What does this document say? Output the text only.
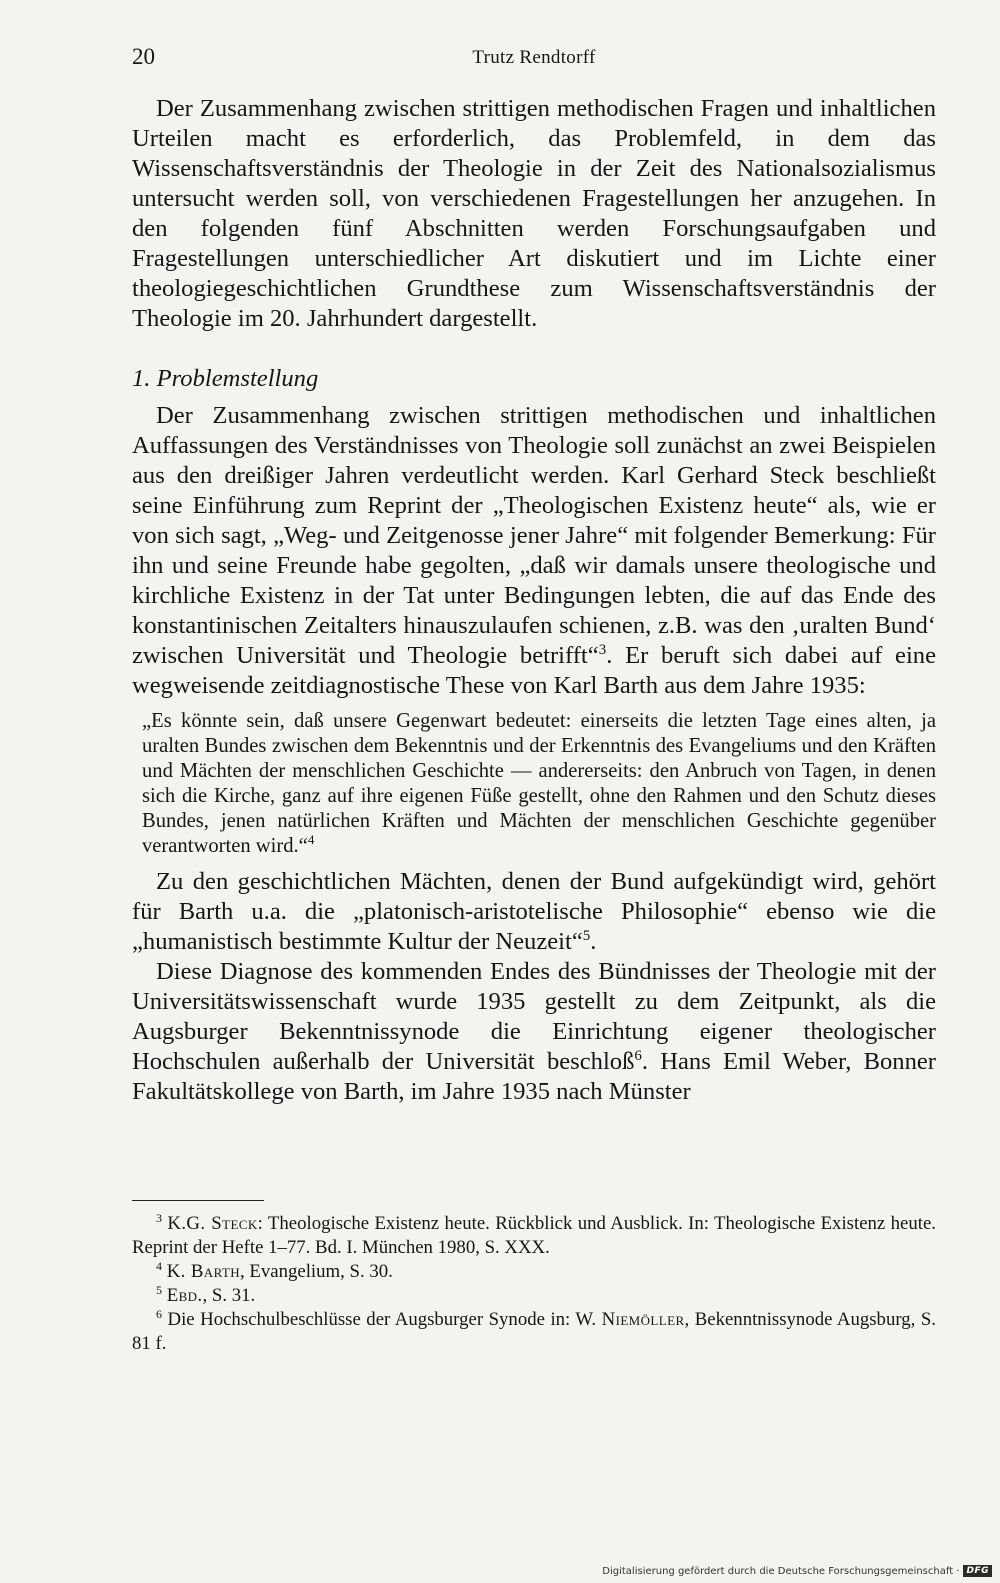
20	Trutz Rendtorff

Der Zusammenhang zwischen strittigen methodischen Fragen und inhaltlichen Urteilen macht es erforderlich, das Problemfeld, in dem das Wissenschaftsverständnis der Theologie in der Zeit des Nationalsozialismus untersucht werden soll, von verschiedenen Fragestellungen her anzugehen. In den folgenden fünf Abschnitten werden Forschungsaufgaben und Fragestellungen unterschiedlicher Art diskutiert und im Lichte einer theologiegeschichtlichen Grundthese zum Wissenschaftsverständnis der Theologie im 20. Jahrhundert dargestellt.

1. Problemstellung

Der Zusammenhang zwischen strittigen methodischen und inhaltlichen Auffassungen des Verständnisses von Theologie soll zunächst an zwei Beispielen aus den dreißiger Jahren verdeutlicht werden. Karl Gerhard Steck beschließt seine Einführung zum Reprint der „Theologischen Existenz heute“ als, wie er von sich sagt, „Weg- und Zeitgenosse jener Jahre“ mit folgender Bemerkung: Für ihn und seine Freunde habe gegolten, „daß wir damals unsere theologische und kirchliche Existenz in der Tat unter Bedingungen lebten, die auf das Ende des konstantinischen Zeitalters hinauszulaufen schienen, z.B. was den ‚uralten Bund‘ zwischen Universität und Theologie betrifft“$^3$. Er beruft sich dabei auf eine wegweisende zeitdiagnostische These von Karl Barth aus dem Jahre 1935:

„Es könnte sein, daß unsere Gegenwart bedeutet: einerseits die letzten Tage eines alten, ja uralten Bundes zwischen dem Bekenntnis und der Erkenntnis des Evangeliums und den Kräften und Mächten der menschlichen Geschichte — andererseits: den Anbruch von Tagen, in denen sich die Kirche, ganz auf ihre eigenen Füße gestellt, ohne den Rahmen und den Schutz dieses Bundes, jenen natürlichen Kräften und Mächten der menschlichen Geschichte gegenüber verantworten wird.“$^4$

Zu den geschichtlichen Mächten, denen der Bund aufgekündigt wird, gehört für Barth u.a. die „platonisch-aristotelische Philosophie“ ebenso wie die „humanistisch bestimmte Kultur der Neuzeit“$^5$.

Diese Diagnose des kommenden Endes des Bündnisses der Theologie mit der Universitätswissenschaft wurde 1935 gestellt zu dem Zeitpunkt, als die Augsburger Bekenntnissynode die Einrichtung eigener theologischer Hochschulen außerhalb der Universität beschloß$^6$. Hans Emil Weber, Bonner Fakultätskollege von Barth, im Jahre 1935 nach Münster

$^3$ K.G. Steck: Theologische Existenz heute. Rückblick und Ausblick. In: Theologische Existenz heute. Reprint der Hefte 1–77. Bd. I. München 1980, S. XXX.

$^4$ K. Barth, Evangelium, S. 30.

$^5$ Ebd., S. 31.

$^6$ Die Hochschulbeschlüsse der Augsburger Synode in: W. Niemöller, Bekenntnissynode Augsburg, S. 81 f.

Digitalisierung gefördert durch die Deutsche Forschungsgemeinschaft · DFG
